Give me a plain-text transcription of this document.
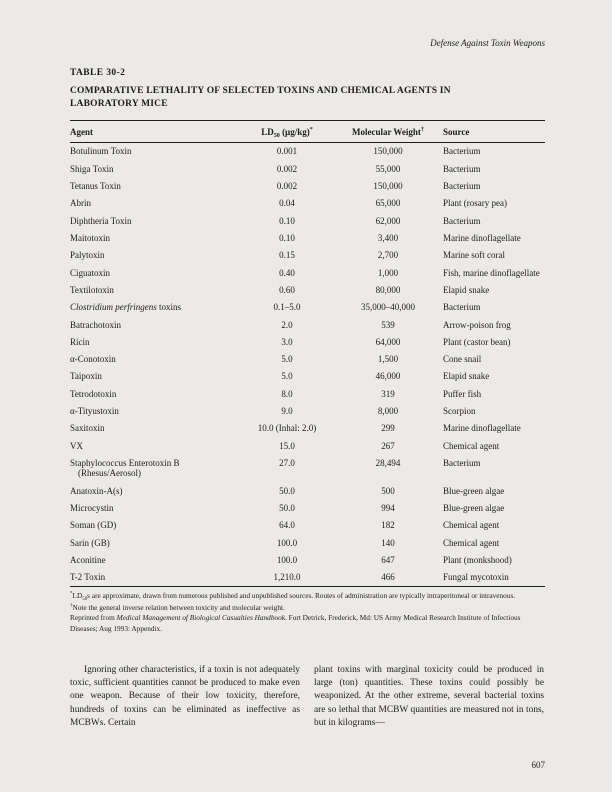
Defense Against Toxin Weapons
TABLE 30-2
COMPARATIVE LETHALITY OF SELECTED TOXINS AND CHEMICAL AGENTS IN
LABORATORY MICE
Agent	$LD_{50}$ (µg/kg)*	Molecular Weight†	Source
Botulinum Toxin	0.001	150,000	Bacterium
Shiga Toxin	0.002	55,000	Bacterium
Tetanus Toxin	0.002	150,000	Bacterium
Abrin	0.04	65,000	Plant (rosary pea)
Diphtheria Toxin	0.10	62,000	Bacterium
Maitotoxin	0.10	3,400	Marine dinoflagellate
Palytoxin	0.15	2,700	Marine soft coral
Ciguatoxin	0.40	1,000	Fish, marine dinoflagellate
Textilotoxin	0.60	80,000	Elapid snake
Clostridium perfringens toxins	0.1–5.0	35,000–40,000	Bacterium
Batrachotoxin	2.0	539	Arrow-poison frog
Ricin	3.0	64,000	Plant (castor bean)
α-Conotoxin	5.0	1,500	Cone snail
Taipoxin	5.0	46,000	Elapid snake
Tetrodotoxin	8.0	319	Puffer fish
α-Tityustoxin	9.0	8,000	Scorpion
Saxitoxin	10.0 (Inhal: 2.0)	299	Marine dinoflagellate
VX	15.0	267	Chemical agent
Staphylococcus Enterotoxin B
(Rhesus/Aerosol)	27.0	28,494	Bacterium
Anatoxin-A(s)	50.0	500	Blue-green algae
Microcystin	50.0	994	Blue-green algae
Soman (GD)	64.0	182	Chemical agent
Sarin (GB)	100.0	140	Chemical agent
Aconitine	100.0	647	Plant (monkshood)
T-2 Toxin	1,210.0	466	Fungal mycotoxin
$^*LD_{50}s$ are approximate, drawn from numerous published and unpublished sources. Routes of administration are typically intraperitoneal or intravenous.
†Note the general inverse relation between toxicity and molecular weight.
Reprinted from Medical Management of Biological Casualties Handbook. Fort Detrick, Frederick, Md: US Army Medical Research Institute of Infectious Diseases; Aug 1993: Appendix.

Ignoring other characteristics, if a toxin is not adequately toxic, sufficient quantities cannot be produced to make even one weapon. Because of their low toxicity, therefore, hundreds of toxins can be eliminated as ineffective as MCBWs. Certain

plant toxins with marginal toxicity could be produced in large (ton) quantities. These toxins could possibly be weaponized. At the other extreme, several bacterial toxins are so lethal that MCBW quantities are measured not in tons, but in kilograms—

607
